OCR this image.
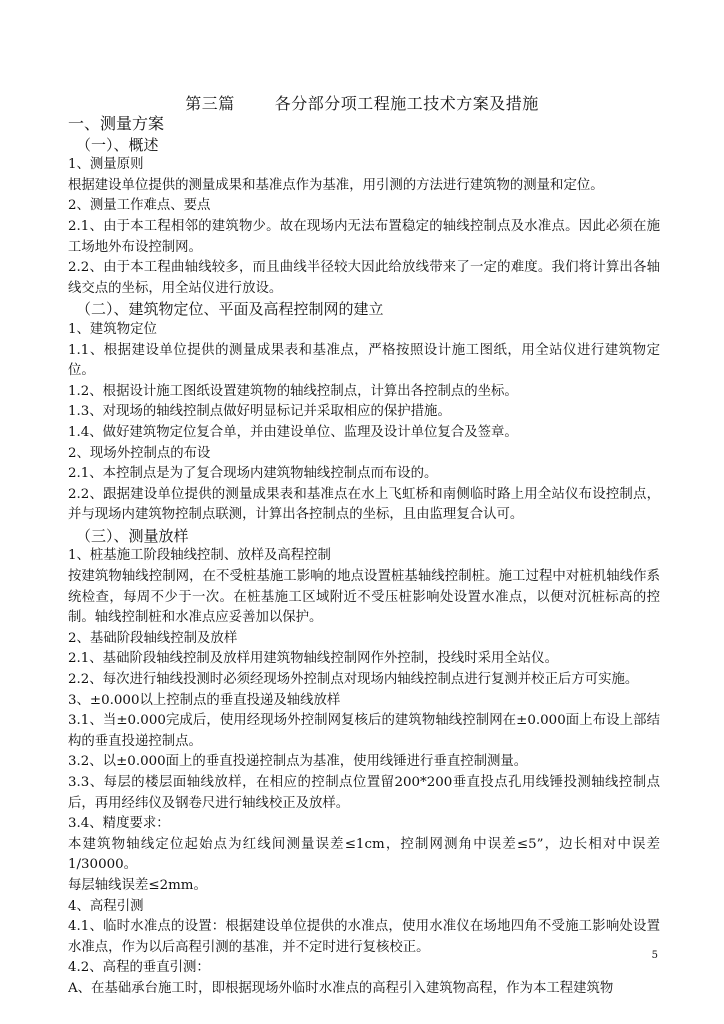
第三篇	各分部分项工程施工技术方案及措施
一、测量方案
（一）、概述
1、测量原则
根据建设单位提供的测量成果和基准点作为基准，用引测的方法进行建筑物的测量和定位。
2、测量工作难点、要点
2.1、由于本工程相邻的建筑物少。故在现场内无法布置稳定的轴线控制点及水准点。因此必须在施工场地外布设控制网。
2.2、由于本工程曲轴线较多，而且曲线半径较大因此给放线带来了一定的难度。我们将计算出各轴线交点的坐标，用全站仪进行放设。
（二）、建筑物定位、平面及高程控制网的建立
1、建筑物定位
1.1、根据建设单位提供的测量成果表和基准点，严格按照设计施工图纸，用全站仪进行建筑物定位。
1.2、根据设计施工图纸设置建筑物的轴线控制点，计算出各控制点的坐标。
1.3、对现场的轴线控制点做好明显标记并采取相应的保护措施。
1.4、做好建筑物定位复合单，并由建设单位、监理及设计单位复合及签章。
2、现场外控制点的布设
2.1、本控制点是为了复合现场内建筑物轴线控制点而布设的。
2.2、跟据建设单位提供的测量成果表和基准点在水上飞虹桥和南侧临时路上用全站仪布设控制点，并与现场内建筑物控制点联测，计算出各控制点的坐标，且由监理复合认可。
（三）、测量放样
1、桩基施工阶段轴线控制、放样及高程控制
按建筑物轴线控制网，在不受桩基施工影响的地点设置桩基轴线控制桩。施工过程中对桩机轴线作系统检查，每周不少于一次。在桩基施工区域附近不受压桩影响处设置水准点，以便对沉桩标高的控制。轴线控制桩和水准点应妥善加以保护。
2、基础阶段轴线控制及放样
2.1、基础阶段轴线控制及放样用建筑物轴线控制网作外控制，投线时采用全站仪。
2.2、每次进行轴线投测时必须经现场外控制点对现场内轴线控制点进行复测并校正后方可实施。
3、±0.000以上控制点的垂直投递及轴线放样
3.1、当±0.000完成后，使用经现场外控制网复核后的建筑物轴线控制网在±0.000面上布设上部结构的垂直投递控制点。
3.2、以±0.000面上的垂直投递控制点为基准，使用线锤进行垂直控制测量。
3.3、每层的楼层面轴线放样，在相应的控制点位置留200*200垂直投点孔用线锤投测轴线控制点后，再用经纬仪及钢卷尺进行轴线校正及放样。
3.4、精度要求：
本建筑物轴线定位起始点为红线间测量误差≤1cm，控制网测角中误差≤5”，边长相对中误差1/30000。
每层轴线误差≤2mm。
4、高程引测
4.1、临时水准点的设置：根据建设单位提供的水准点，使用水准仪在场地四角不受施工影响处设置水准点，作为以后高程引测的基准，并不定时进行复核校正。
4.2、高程的垂直引测：
A、在基础承台施工时，即根据现场外临时水准点的高程引入建筑物高程，作为本工程建筑物
5
